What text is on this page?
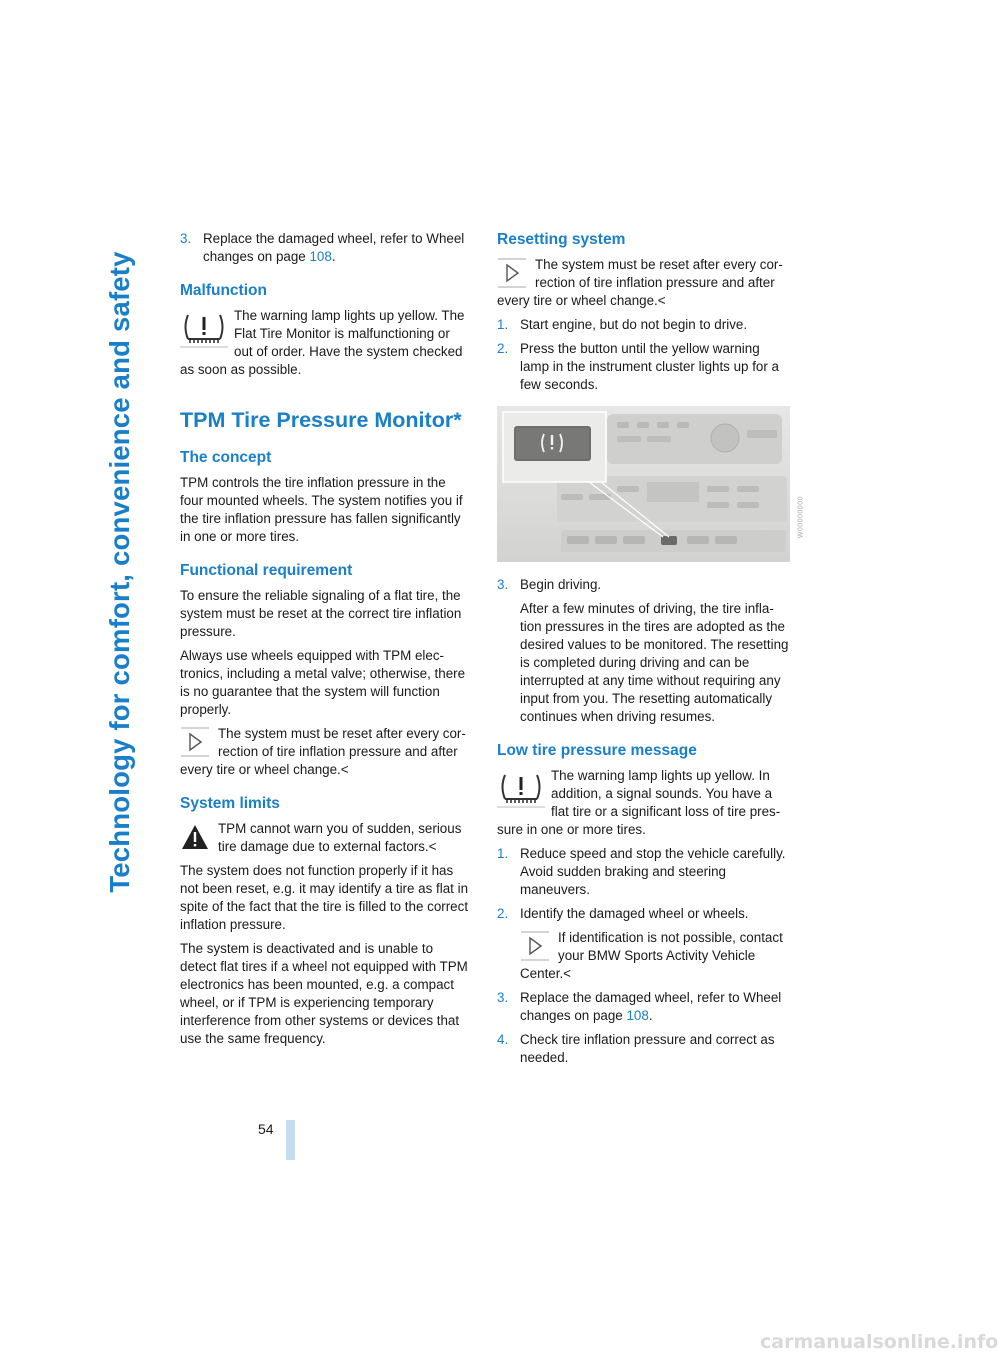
Technology for comfort, convenience and safety
3. Replace the damaged wheel, refer to Wheel changes on page 108.
Malfunction
The warning lamp lights up yellow. The Flat Tire Monitor is malfunctioning or out of order. Have the system checked as soon as possible.
TPM Tire Pressure Monitor*
The concept

TPM controls the tire inflation pressure in the four mounted wheels. The system notifies you if the tire inflation pressure has fallen significantly in one or more tires.

Functional requirement

To ensure the reliable signaling of a flat tire, the system must be reset at the correct tire inflation pressure.

Always use wheels equipped with TPM electronics, including a metal valve; otherwise, there is no guarantee that the system will function properly.

The system must be reset after every correction of tire inflation pressure and after every tire or wheel change.<
System limits
TPM cannot warn you of sudden, serious tire damage due to external factors.<

The system does not function properly if it has not been reset, e.g. it may identify a tire as flat in spite of the fact that the tire is filled to the correct inflation pressure.

The system is deactivated and is unable to detect flat tires if a wheel not equipped with TPM electronics has been mounted, e.g. a compact wheel, or if TPM is experiencing temporary interference from other systems or devices that use the same frequency.

Resetting system
The system must be reset after every correction of tire inflation pressure and after every tire or wheel change.<
1. Start engine, but do not begin to drive.
2. Press the button until the yellow warning lamp in the instrument cluster lights up for a few seconds.
W00000000
3. Begin driving.

After a few minutes of driving, the tire inflation pressures in the tires are adopted as the desired values to be monitored. The resetting is completed during driving and can be interrupted at any time without requiring any input from you. The resetting automatically continues when driving resumes.

Low tire pressure message
The warning lamp lights up yellow. In addition, a signal sounds. You have a flat tire or a significant loss of tire pressure in one or more tires.
1. Reduce speed and stop the vehicle carefully. Avoid sudden braking and steering maneuvers.
2. Identify the damaged wheel or wheels.
If identification is not possible, contact your BMW Sports Activity Vehicle Center.<
3. Replace the damaged wheel, refer to Wheel changes on page 108.
4. Check tire inflation pressure and correct as needed.
54
carmanualsonline.info
